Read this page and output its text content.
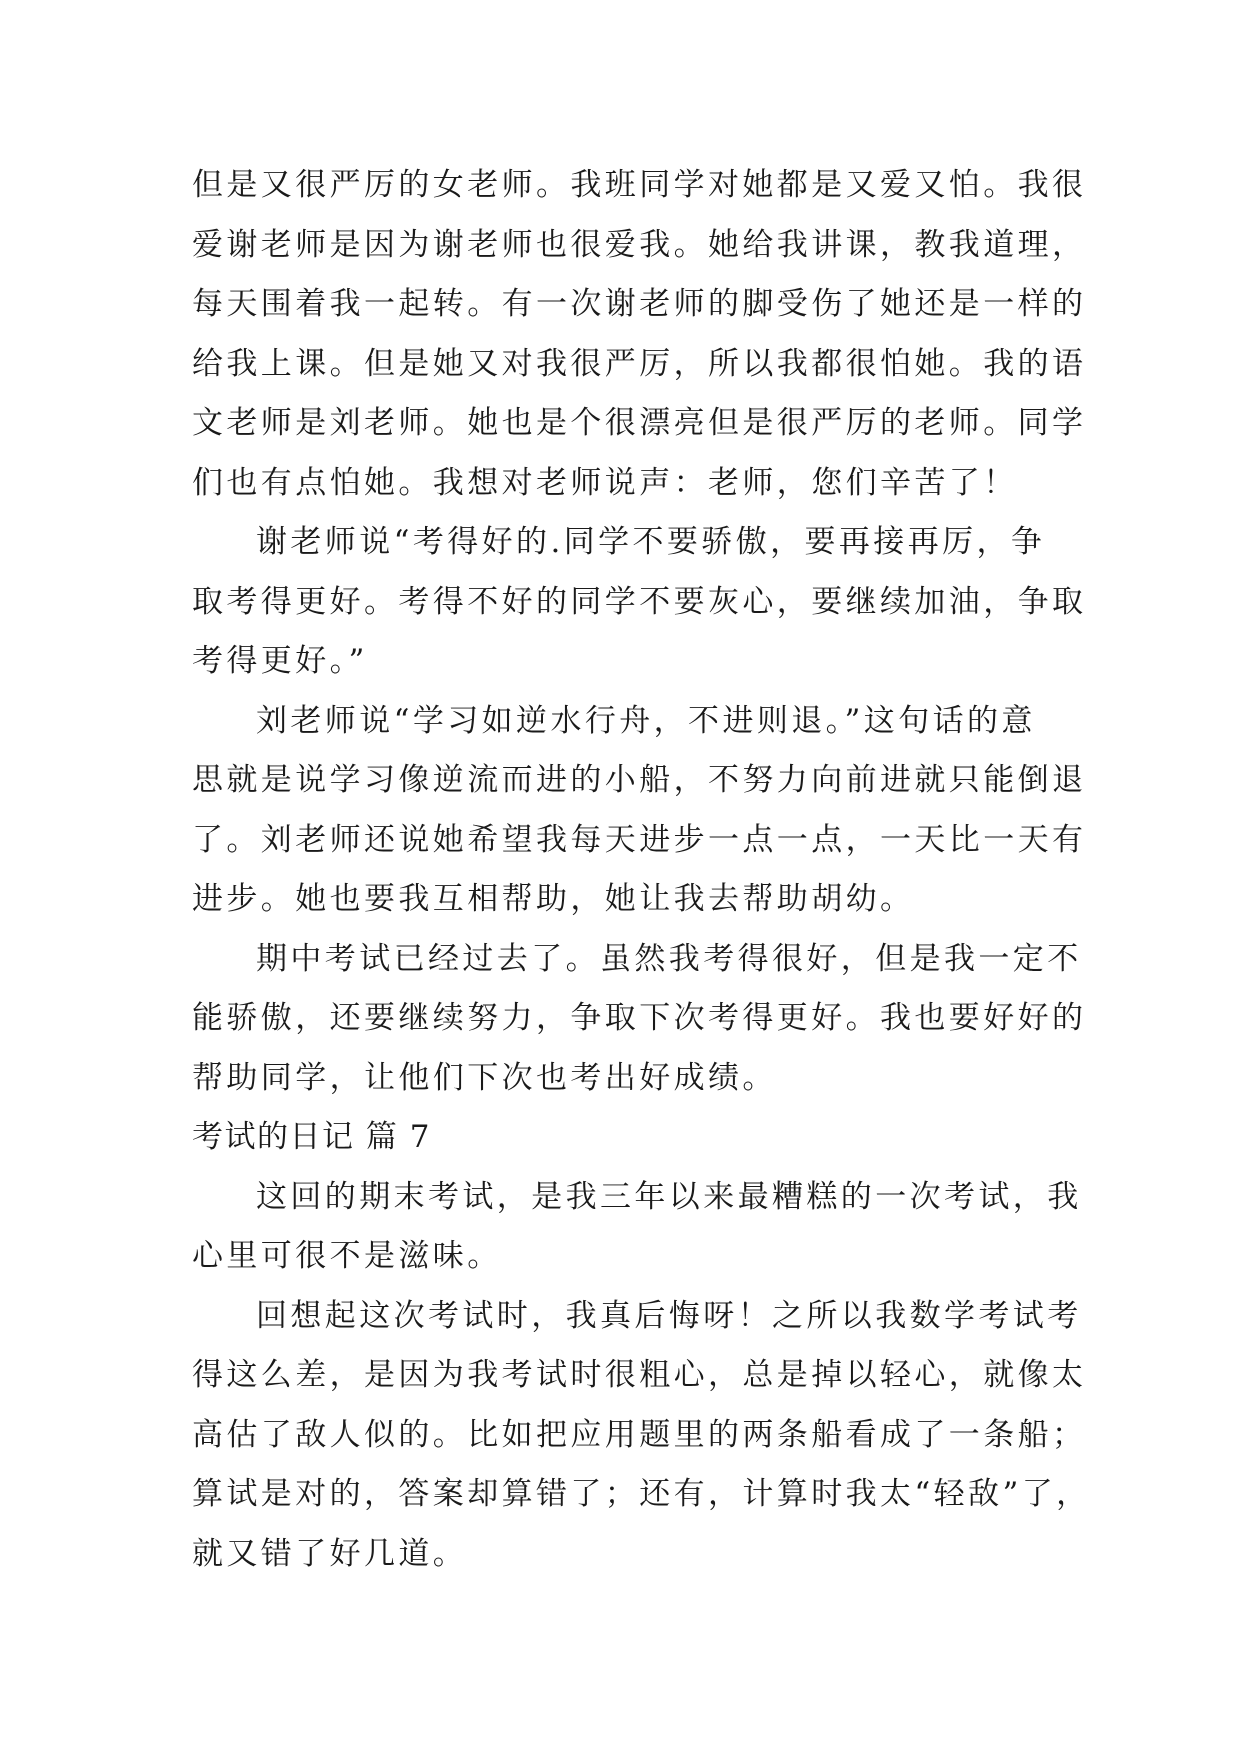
但是又很严厉的女老师。我班同学对她都是又爱又怕。我很
爱谢老师是因为谢老师也很爱我。她给我讲课，教我道理，
每天围着我一起转。有一次谢老师的脚受伤了她还是一样的
给我上课。但是她又对我很严厉，所以我都很怕她。我的语
文老师是刘老师。她也是个很漂亮但是很严厉的老师。同学
们也有点怕她。我想对老师说声：老师，您们辛苦了！
谢老师说“考得好的.同学不要骄傲，要再接再厉，争
取考得更好。考得不好的同学不要灰心，要继续加油，争取
考得更好。”
刘老师说“学习如逆水行舟，不进则退。”这句话的意
思就是说学习像逆流而进的小船，不努力向前进就只能倒退
了。刘老师还说她希望我每天进步一点一点，一天比一天有
进步。她也要我互相帮助，她让我去帮助胡幼。
期中考试已经过去了。虽然我考得很好，但是我一定不
能骄傲，还要继续努力，争取下次考得更好。我也要好好的
帮助同学，让他们下次也考出好成绩。
考试的日记 篇 7
这回的期末考试，是我三年以来最糟糕的一次考试，我
心里可很不是滋味。
回想起这次考试时，我真后悔呀！之所以我数学考试考
得这么差，是因为我考试时很粗心，总是掉以轻心，就像太
高估了敌人似的。比如把应用题里的两条船看成了一条船；
算试是对的，答案却算错了；还有，计算时我太“轻敌”了，
就又错了好几道。
